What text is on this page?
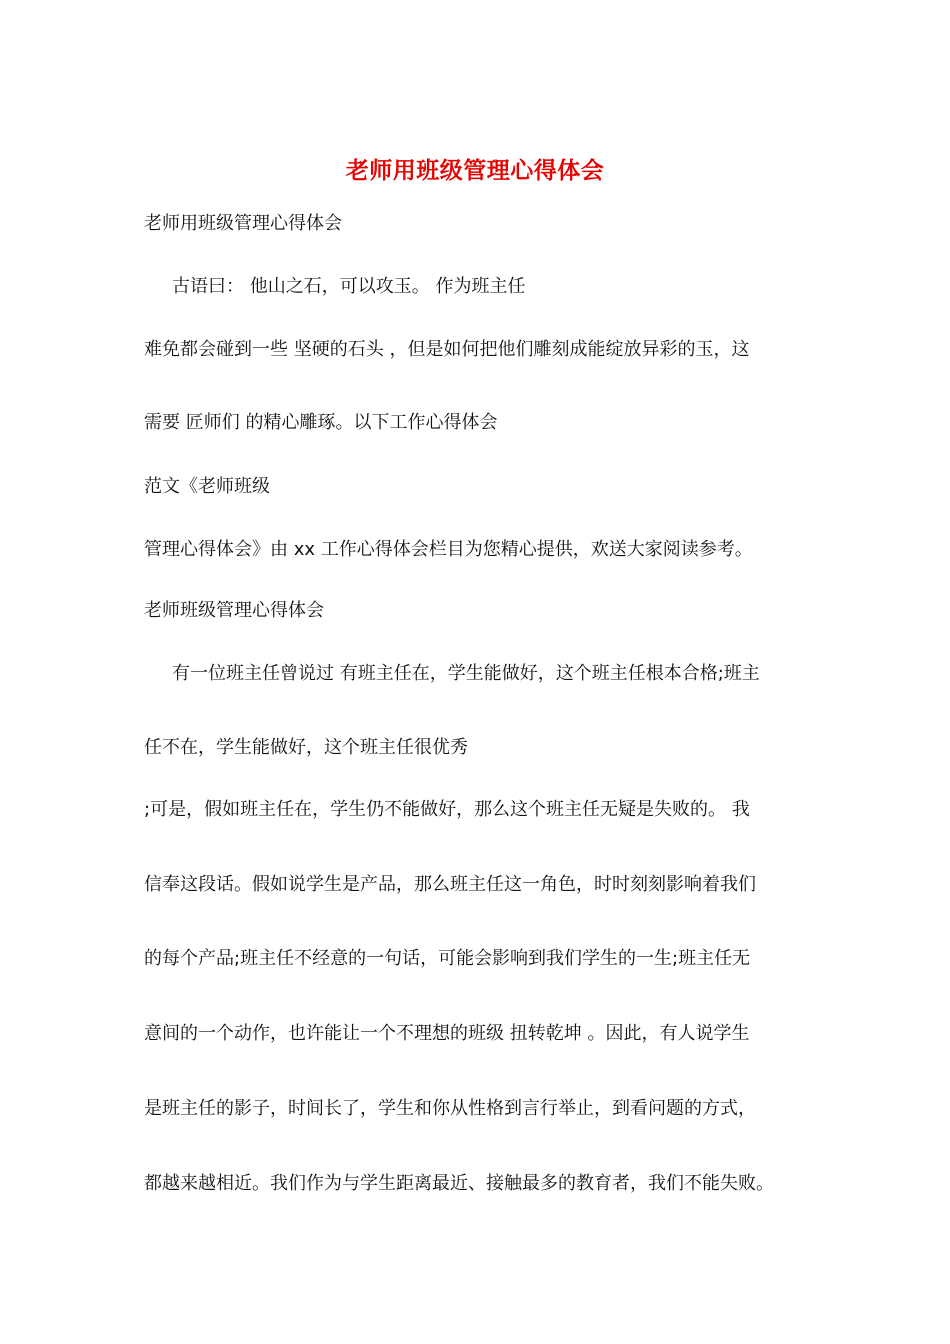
老师用班级管理心得体会
老师用班级管理心得体会
古语曰： 他山之石，可以攻玉。 作为班主任
难免都会碰到一些 坚硬的石头 ，但是如何把他们雕刻成能绽放异彩的玉，这
需要 匠师们 的精心雕琢。以下工作心得体会
范文《老师班级
管理心得体会》由 xx 工作心得体会栏目为您精心提供，欢送大家阅读参考。
老师班级管理心得体会
有一位班主任曾说过 有班主任在，学生能做好，这个班主任根本合格;班主
任不在，学生能做好，这个班主任很优秀
;可是，假如班主任在，学生仍不能做好，那么这个班主任无疑是失败的。 我
信奉这段话。假如说学生是产品，那么班主任这一角色，时时刻刻影响着我们
的每个产品;班主任不经意的一句话，可能会影响到我们学生的一生;班主任无
意间的一个动作，也许能让一个不理想的班级 扭转乾坤 。因此，有人说学生
是班主任的影子，时间长了，学生和你从性格到言行举止，到看问题的方式，
都越来越相近。我们作为与学生距离最近、接触最多的教育者，我们不能失败。
